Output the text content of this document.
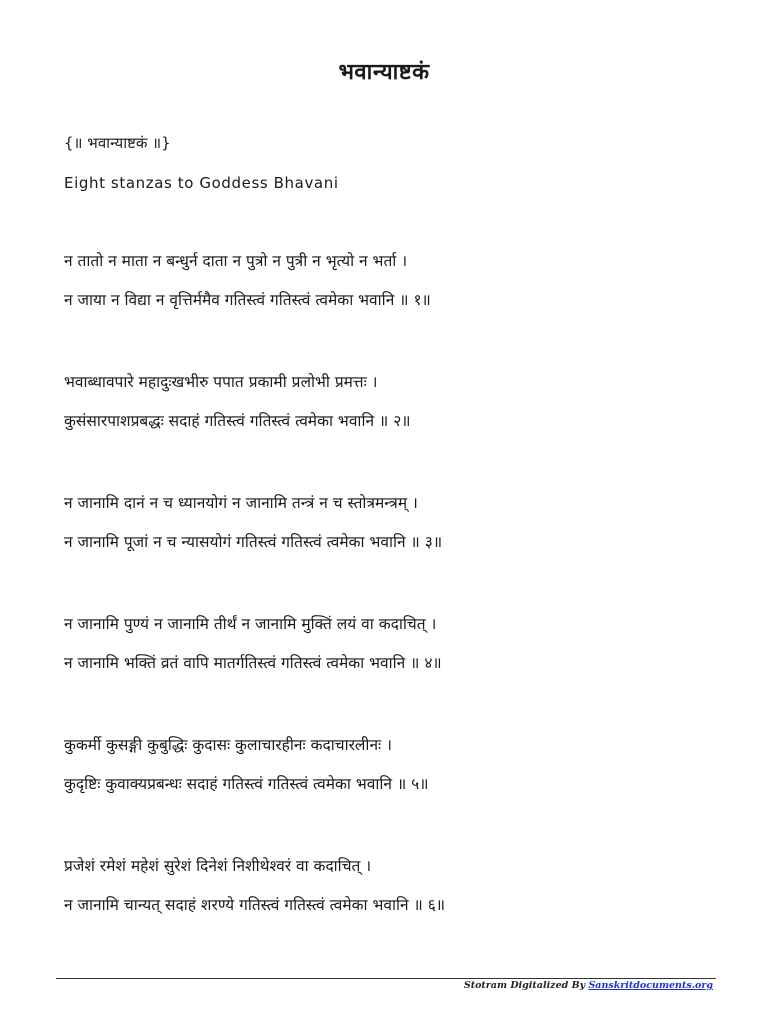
भवान्याष्टकं
{॥ भवान्याष्टकं ॥}
Eight stanzas to Goddess Bhavani
न तातो न माता न बन्धुर्न दाता न पुत्रो न पुत्री न भृत्यो न भर्ता ।
न जाया न विद्या न वृत्तिर्ममैव गतिस्त्वं गतिस्त्वं त्वमेका भवानि ॥ १॥
भवाब्धावपारे महादुःखभीरु पपात प्रकामी प्रलोभी प्रमत्तः ।
कुसंसारपाशप्रबद्धः सदाहं गतिस्त्वं गतिस्त्वं त्वमेका भवानि ॥ २॥
न जानामि दानं न च ध्यानयोगं न जानामि तन्त्रं न च स्तोत्रमन्त्रम् ।
न जानामि पूजां न च न्यासयोगं गतिस्त्वं गतिस्त्वं त्वमेका भवानि ॥ ३॥
न जानामि पुण्यं न जानामि तीर्थं न जानामि मुक्तिं लयं वा कदाचित् ।
न जानामि भक्तिं व्रतं वापि मातर्गतिस्त्वं गतिस्त्वं त्वमेका भवानि ॥ ४॥
कुकर्मी कुसङ्गी कुबुद्धिः कुदासः कुलाचारहीनः कदाचारलीनः ।
कुदृष्टिः कुवाक्यप्रबन्धः सदाहं गतिस्त्वं गतिस्त्वं त्वमेका भवानि ॥ ५॥
प्रजेशं रमेशं महेशं सुरेशं दिनेशं निशीथेश्वरं वा कदाचित् ।
न जानामि चान्यत् सदाहं शरण्ये गतिस्त्वं गतिस्त्वं त्वमेका भवानि ॥ ६॥
Stotram Digitalized By Sanskritdocuments.org
